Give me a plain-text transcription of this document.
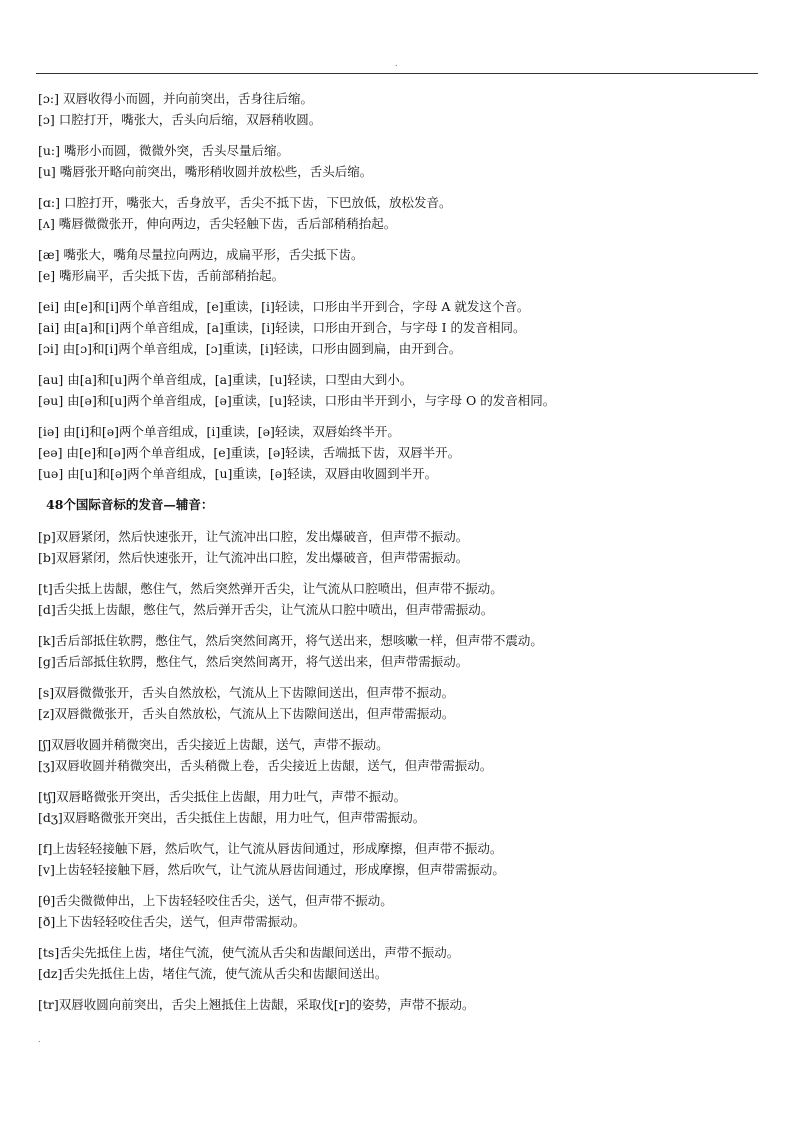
.
[ɔ:] 双唇收得小而圆，并向前突出，舌身往后缩。
[ɔ] 口腔打开，嘴张大，舌头向后缩，双唇稍收圆。
[u:] 嘴形小而圆，微微外突，舌头尽量后缩。
[u] 嘴唇张开略向前突出，嘴形稍收圆并放松些，舌头后缩。
[ɑ:] 口腔打开，嘴张大，舌身放平，舌尖不抵下齿，下巴放低，放松发音。
[ʌ] 嘴唇微微张开，伸向两边，舌尖轻触下齿，舌后部稍稍抬起。
[æ] 嘴张大，嘴角尽量拉向两边，成扁平形，舌尖抵下齿。
[e] 嘴形扁平，舌尖抵下齿，舌前部稍抬起。
[ei] 由[e]和[i]两个单音组成，[e]重读，[i]轻读，口形由半开到合，字母 A 就发这个音。
[ai] 由[a]和[i]两个单音组成，[a]重读，[i]轻读，口形由开到合，与字母 I 的发音相同。
[ɔi] 由[ɔ]和[i]两个单音组成，[ɔ]重读，[i]轻读，口形由圆到扁，由开到合。
[au] 由[a]和[u]两个单音组成，[a]重读，[u]轻读，口型由大到小。
[əu] 由[ə]和[u]两个单音组成，[ə]重读，[u]轻读，口形由半开到小，与字母 O 的发音相同。
[iə] 由[i]和[ə]两个单音组成，[i]重读，[ə]轻读，双唇始终半开。
[eə] 由[e]和[ə]两个单音组成，[e]重读，[ə]轻读，舌端抵下齿，双唇半开。
[uə] 由[u]和[ə]两个单音组成，[u]重读，[ə]轻读，双唇由收圆到半开。
48个国际音标的发音—辅音：
[p]双唇紧闭，然后快速张开，让气流冲出口腔，发出爆破音，但声带不振动。
[b]双唇紧闭，然后快速张开，让气流冲出口腔，发出爆破音，但声带需振动。
[t]舌尖抵上齿龈，憋住气，然后突然弹开舌尖，让气流从口腔喷出，但声带不振动。
[d]舌尖抵上齿龈，憋住气，然后弹开舌尖，让气流从口腔中喷出，但声带需振动。
[k]舌后部抵住软腭，憋住气，然后突然间离开，将气送出来，想咳嗽一样，但声带不震动。
[g]舌后部抵住软腭，憋住气，然后突然间离开，将气送出来，但声带需振动。
[s]双唇微微张开，舌头自然放松，气流从上下齿隙间送出，但声带不振动。
[z]双唇微微张开，舌头自然放松，气流从上下齿隙间送出，但声带需振动。
[ʃ]双唇收圆并稍微突出，舌尖接近上齿龈，送气，声带不振动。
[ʒ]双唇收圆并稍微突出，舌头稍微上卷，舌尖接近上齿龈，送气，但声带需振动。
[tʃ]双唇略微张开突出，舌尖抵住上齿龈，用力吐气，声带不振动。
[dʒ]双唇略微张开突出，舌尖抵住上齿龈，用力吐气，但声带需振动。
[f]上齿轻轻接触下唇，然后吹气，让气流从唇齿间通过，形成摩擦，但声带不振动。
[v]上齿轻轻接触下唇，然后吹气，让气流从唇齿间通过，形成摩擦，但声带需振动。
[θ]舌尖微微伸出，上下齿轻轻咬住舌尖，送气，但声带不振动。
[ð]上下齿轻轻咬住舌尖，送气，但声带需振动。
[ts]舌尖先抵住上齿，堵住气流，使气流从舌尖和齿龈间送出，声带不振动。
[dz]舌尖先抵住上齿，堵住气流，使气流从舌尖和齿龈间送出。
[tr]双唇收圆向前突出，舌尖上翘抵住上齿龈，采取伐[r]的姿势，声带不振动。
.
